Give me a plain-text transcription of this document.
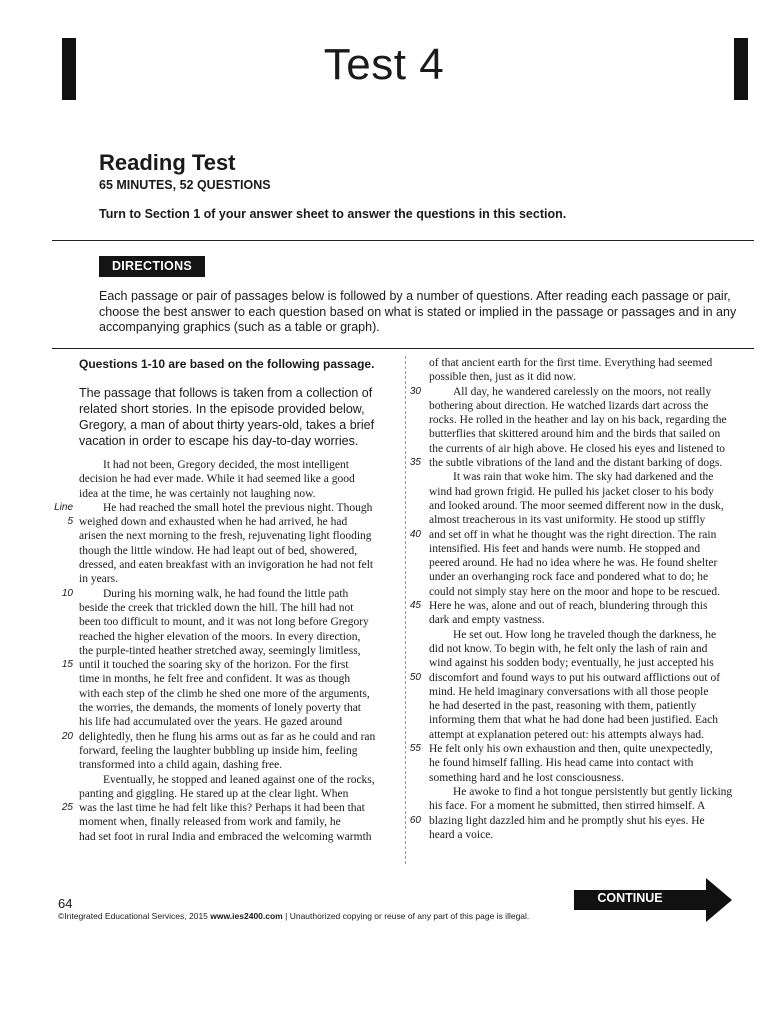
Test 4
Reading Test
65 MINUTES, 52 QUESTIONS
Turn to Section 1 of your answer sheet to answer the questions in this section.
DIRECTIONS
Each passage or pair of passages below is followed by a number of questions. After reading each passage or pair, choose the best answer to each question based on what is stated or implied in the passage or passages and in any accompanying graphics (such as a table or graph).
Questions 1-10 are based on the following passage.
The passage that follows is taken from a collection of related short stories. In the episode provided below, Gregory, a man of about thirty years-old, takes a brief vacation in order to escape his day-to-day worries.
It had not been, Gregory decided, the most intelligent
decision he had ever made. While it had seemed like a good
idea at the time, he was certainly not laughing now.
Line	He had reached the small hotel the previous night. Though
5 weighed down and exhausted when he had arrived, he had
arisen the next morning to the fresh, rejuvenating light flooding
though the little window. He had leapt out of bed, showered,
dressed, and eaten breakfast with an invigoration he had not felt
in years.
10	During his morning walk, he had found the little path
beside the creek that trickled down the hill. The hill had not
been too difficult to mount, and it was not long before Gregory
reached the higher elevation of the moors. In every direction,
the purple-tinted heather stretched away, seemingly limitless,
15 until it touched the soaring sky of the horizon. For the first
time in months, he felt free and confident. It was as though
with each step of the climb he shed one more of the arguments,
the worries, the demands, the moments of lonely poverty that
his life had accumulated over the years. He gazed around
20 delightedly, then he flung his arms out as far as he could and ran
forward, feeling the laughter bubbling up inside him, feeling
transformed into a child again, dashing free.
Eventually, he stopped and leaned against one of the rocks,
panting and giggling. He stared up at the clear light. When
25 was the last time he had felt like this? Perhaps it had been that
moment when, finally released from work and family, he
had set foot in rural India and embraced the welcoming warmth
of that ancient earth for the first time. Everything had seemed
possible then, just as it did now.
30	All day, he wandered carelessly on the moors, not really
bothering about direction. He watched lizards dart across the
rocks. He rolled in the heather and lay on his back, regarding the
butterflies that skittered around him and the birds that sailed on
the currents of air high above. He closed his eyes and listened to
35 the subtle vibrations of the land and the distant barking of dogs.
It was rain that woke him. The sky had darkened and the
wind had grown frigid. He pulled his jacket closer to his body
and looked around. The moor seemed different now in the dusk,
almost treacherous in its vast uniformity. He stood up stiffly
40 and set off in what he thought was the right direction. The rain
intensified. His feet and hands were numb. He stopped and
peered around. He had no idea where he was. He found shelter
under an overhanging rock face and pondered what to do; he
could not simply stay here on the moor and hope to be rescued.
45 Here he was, alone and out of reach, blundering through this
dark and empty vastness.
He set out. How long he traveled though the darkness, he
did not know. To begin with, he felt only the lash of rain and
wind against his sodden body; eventually, he just accepted his
50 discomfort and found ways to put his outward afflictions out of
mind. He held imaginary conversations with all those people
he had deserted in the past, reasoning with them, patiently
informing them that what he had done had been justified. Each
attempt at explanation petered out: his attempts always had.
55 He felt only his own exhaustion and then, quite unexpectedly,
he found himself falling. His head came into contact with
something hard and he lost consciousness.
He awoke to find a hot tongue persistently but gently licking
his face. For a moment he submitted, then stirred himself. A
60 blazing light dazzled him and he promptly shut his eyes. He
heard a voice.
64
©Integrated Educational Services, 2015 www.ies2400.com | Unauthorized copying or reuse of any part of this page is illegal.
CONTINUE
